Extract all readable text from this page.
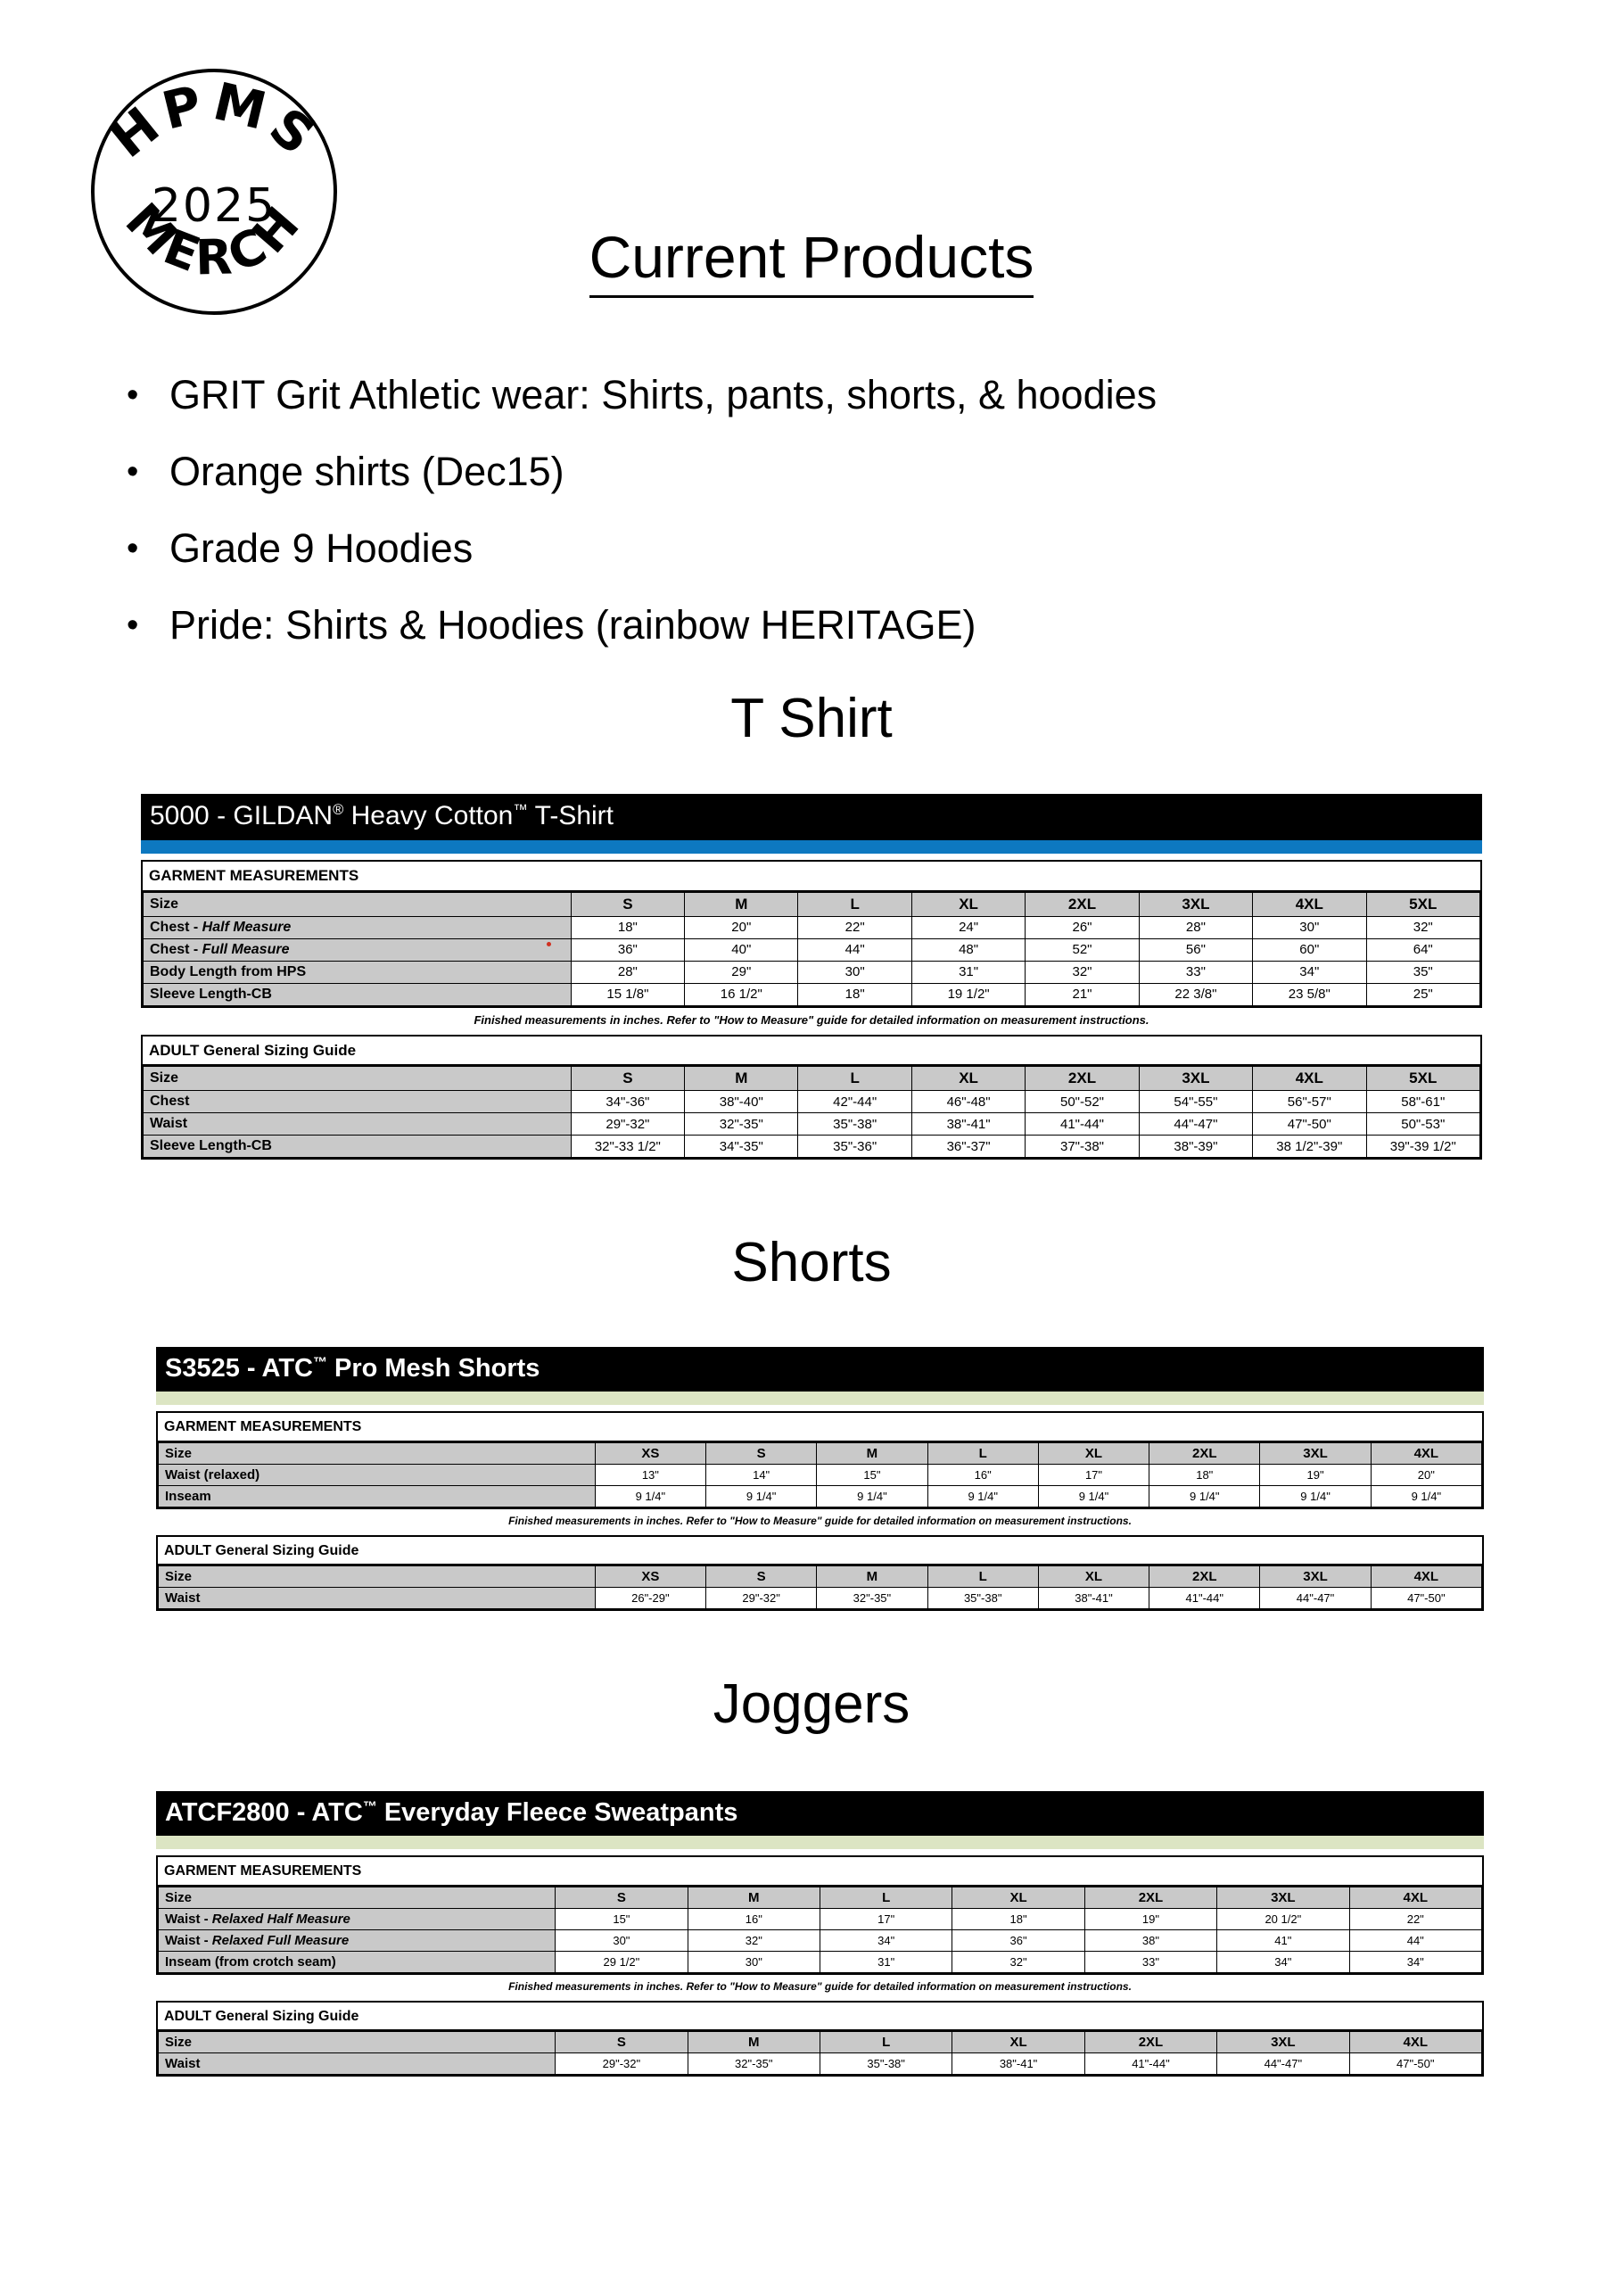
HPMS
2025
MERCH	Current Products
• GRIT Grit Athletic wear: Shirts, pants, shorts, & hoodies
• Orange shirts (Dec15)
• Grade 9 Hoodies
• Pride: Shirts & Hoodies (rainbow HERITAGE)
T Shirt
Shorts
Joggers
5000 - GILDAN® Heavy Cotton™ T-Shirt
GARMENT MEASUREMENTS
Size	S	M	L	XL	2XL	3XL	4XL	5XL
Chest - Half Measure	18"	20"	22"	24"	26"	28"	30"	32"
Chest - Full Measure	36"	40"	44"	48"	52"	56"	60"	64"
Body Length from HPS	28"	29"	30"	31"	32"	33"	34"	35"
Sleeve Length-CB	15 1/8"	16 1/2"	18"	19 1/2"	21"	22 3/8"	23 5/8"	25"
Finished measurements in inches. Refer to "How to Measure" guide for detailed information on measurement instructions.
ADULT General Sizing Guide
Size	S	M	L	XL	2XL	3XL	4XL	5XL
Chest	34"-36"	38"-40"	42"-44"	46"-48"	50"-52"	54"-55"	56"-57"	58"-61"
Waist	29"-32"	32"-35"	35"-38"	38"-41"	41"-44"	44"-47"	47"-50"	50"-53"
Sleeve Length-CB	32"-33 1/2"	34"-35"	35"-36"	36"-37"	37"-38"	38"-39"	38 1/2"-39"	39"-39 1/2"
S3525 - ATC™ Pro Mesh Shorts
GARMENT MEASUREMENTS
Size	XS	S	M	L	XL	2XL	3XL	4XL
Waist (relaxed)	13"	14"	15"	16"	17"	18"	19"	20"
Inseam	9 1/4"	9 1/4"	9 1/4"	9 1/4"	9 1/4"	9 1/4"	9 1/4"	9 1/4"
Finished measurements in inches. Refer to "How to Measure" guide for detailed information on measurement instructions.
ADULT General Sizing Guide
Size	XS	S	M	L	XL	2XL	3XL	4XL
Waist	26"-29"	29"-32"	32"-35"	35"-38"	38"-41"	41"-44"	44"-47"	47"-50"
ATCF2800 - ATC™ Everyday Fleece Sweatpants
GARMENT MEASUREMENTS
Size	S	M	L	XL	2XL	3XL	4XL
Waist - Relaxed Half Measure	15"	16"	17"	18"	19"	20 1/2"	22"
Waist - Relaxed Full Measure	30"	32"	34"	36"	38"	41"	44"
Inseam (from crotch seam)	29 1/2"	30"	31"	32"	33"	34"	34"
Finished measurements in inches. Refer to "How to Measure" guide for detailed information on measurement instructions.
ADULT General Sizing Guide
Size	S	M	L	XL	2XL	3XL	4XL
Waist	29"-32"	32"-35"	35"-38"	38"-41"	41"-44"	44"-47"	47"-50"
